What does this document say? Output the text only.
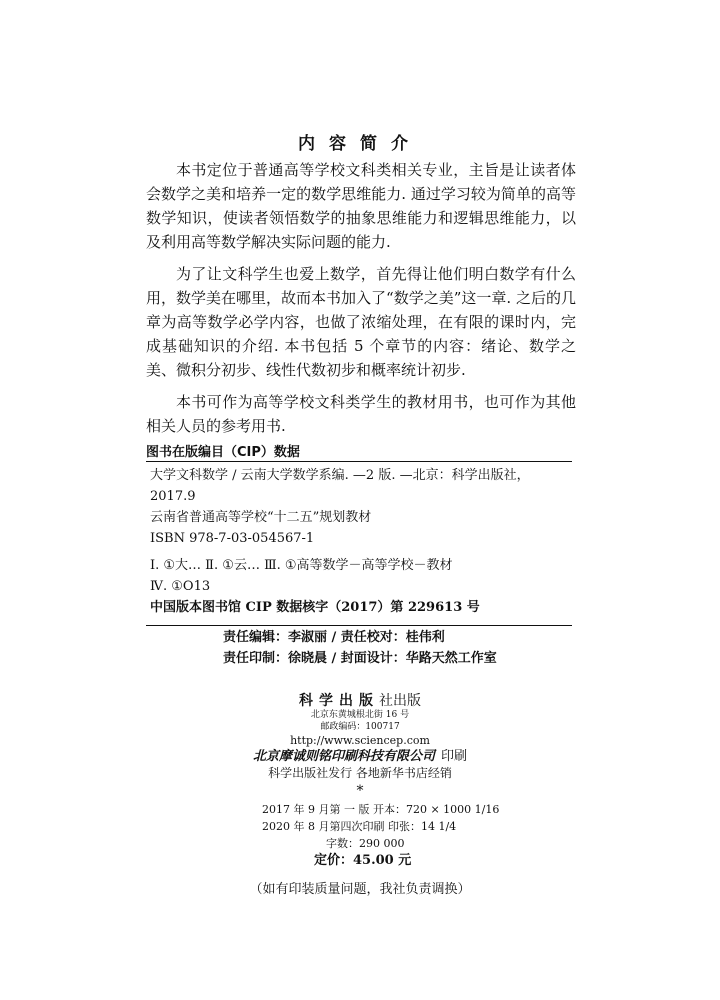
内容简介

本书定位于普通高等学校文科类相关专业，主旨是让读者体会数学之美和培养一定的数学思维能力. 通过学习较为简单的高等数学知识，使读者领悟数学的抽象思维能力和逻辑思维能力，以及利用高等数学解决实际问题的能力.

为了让文科学生也爱上数学，首先得让他们明白数学有什么用，数学美在哪里，故而本书加入了“数学之美”这一章. 之后的几章为高等数学必学内容，也做了浓缩处理，在有限的课时内，完成基础知识的介绍. 本书包括 5 个章节的内容：绪论、数学之美、微积分初步、线性代数初步和概率统计初步.

本书可作为高等学校文科类学生的教材用书，也可作为其他相关人员的参考用书.

图书在版编目（CIP）数据
大学文科数学 / 云南大学数学系编. —2 版. —北京：科学出版社，
2017.9
云南省普通高等学校“十二五”规划教材
ISBN 978-7-03-054567-1
Ⅰ. ①大… Ⅱ. ①云… Ⅲ. ①高等数学－高等学校－教材
Ⅳ. ①O13
中国版本图书馆 CIP 数据核字（2017）第 229613 号
责任编辑：李淑丽 / 责任校对：桂伟利
责任印制：徐晓晨 / 封面设计：华路天然工作室
科学出版社出版
北京东黄城根北街 16 号
邮政编码：100717
http://www.sciencep.com
北京摩诚则铭印刷科技有限公司 印刷
科学出版社发行 各地新华书店经销
*
2017 年 9 月第 一 版 开本：720 × 1000 1/16
2020 年 8 月第四次印刷 印张：14 1/4
字数：290 000
定价：45.00 元
（如有印装质量问题，我社负责调换）
